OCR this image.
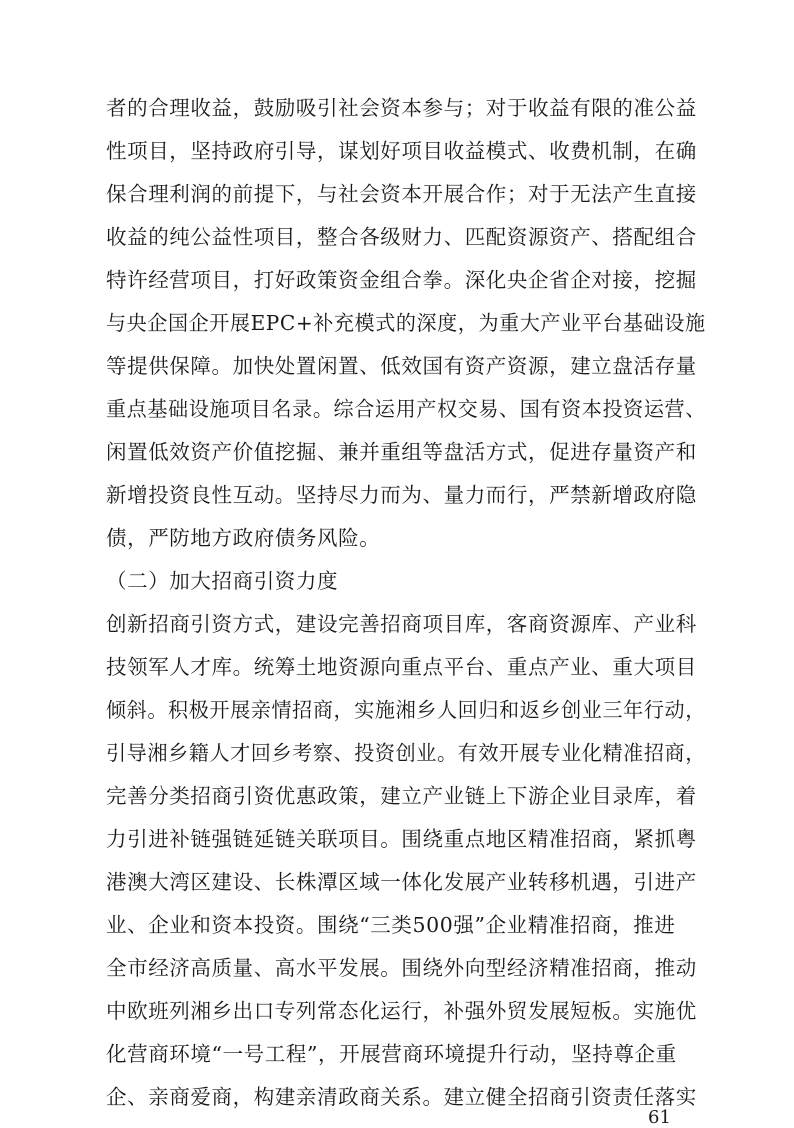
者的合理收益，鼓励吸引社会资本参与；对于收益有限的准公益
性项目，坚持政府引导，谋划好项目收益模式、收费机制，在确
保合理利润的前提下，与社会资本开展合作；对于无法产生直接
收益的纯公益性项目，整合各级财力、匹配资源资产、搭配组合
特许经营项目，打好政策资金组合拳。深化央企省企对接，挖掘
与央企国企开展EPC+补充模式的深度，为重大产业平台基础设施
等提供保障。加快处置闲置、低效国有资产资源，建立盘活存量
重点基础设施项目名录。综合运用产权交易、国有资本投资运营、
闲置低效资产价值挖掘、兼并重组等盘活方式，促进存量资产和
新增投资良性互动。坚持尽力而为、量力而行，严禁新增政府隐
债，严防地方政府债务风险。
（二）加大招商引资力度
创新招商引资方式，建设完善招商项目库，客商资源库、产业科
技领军人才库。统筹土地资源向重点平台、重点产业、重大项目
倾斜。积极开展亲情招商，实施湘乡人回归和返乡创业三年行动，
引导湘乡籍人才回乡考察、投资创业。有效开展专业化精准招商，
完善分类招商引资优惠政策，建立产业链上下游企业目录库，着
力引进补链强链延链关联项目。围绕重点地区精准招商，紧抓粤
港澳大湾区建设、长株潭区域一体化发展产业转移机遇，引进产
业、企业和资本投资。围绕“三类500强”企业精准招商，推进
全市经济高质量、高水平发展。围绕外向型经济精准招商，推动
中欧班列湘乡出口专列常态化运行，补强外贸发展短板。实施优
化营商环境“一号工程”，开展营商环境提升行动，坚持尊企重
企、亲商爱商，构建亲清政商关系。建立健全招商引资责任落实
61
